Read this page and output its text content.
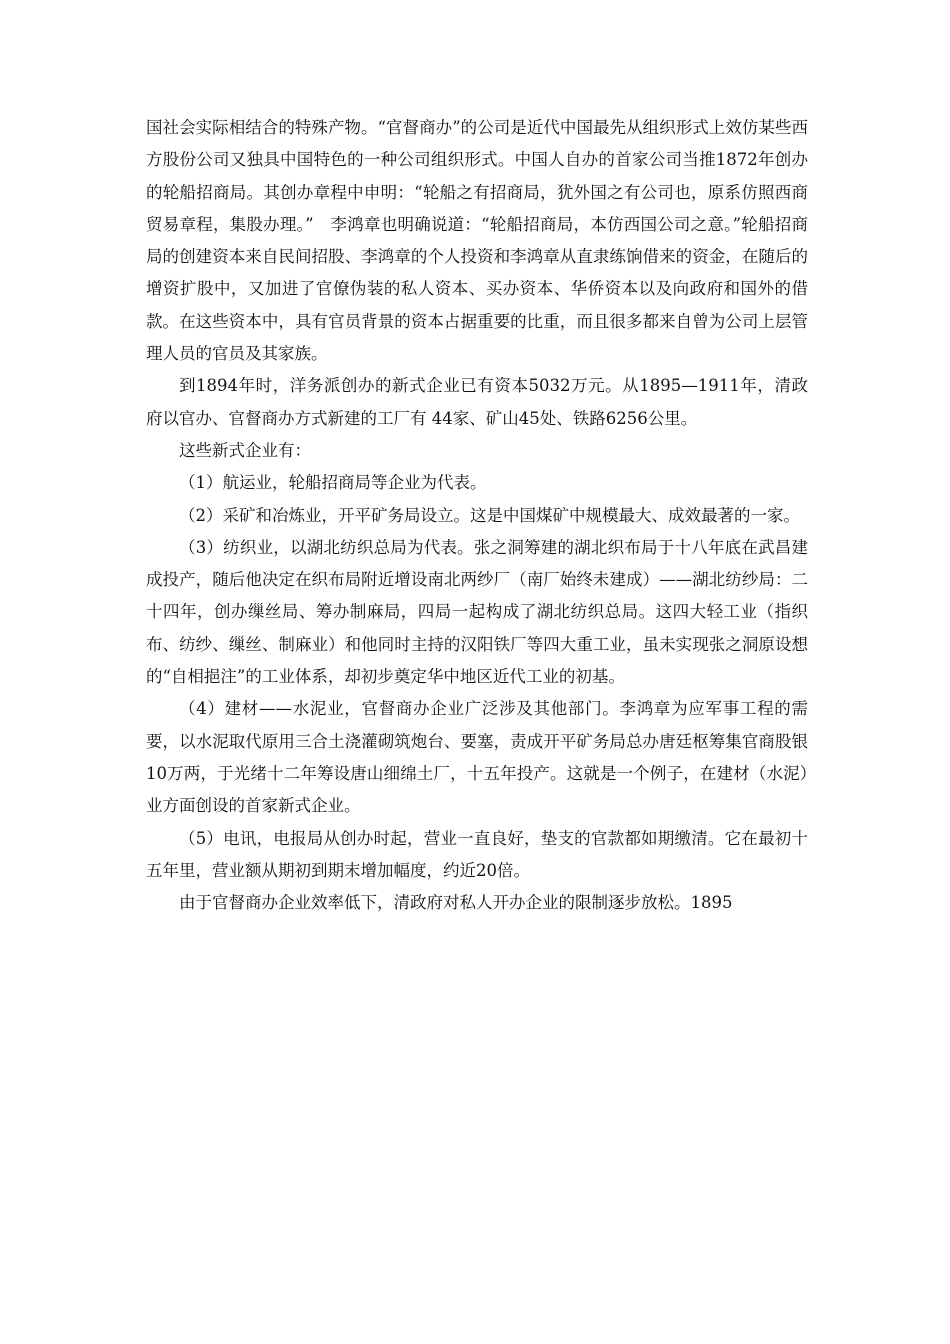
国社会实际相结合的特殊产物。“官督商办”的公司是近代中国最先从组织形式上效仿某些西方股份公司又独具中国特色的一种公司组织形式。中国人自办的首家公司当推1872年创办的轮船招商局。其创办章程中申明：“轮船之有招商局，犹外国之有公司也，原系仿照西商贸易章程，集股办理。”　李鸿章也明确说道：“轮船招商局，本仿西国公司之意。”轮船招商局的创建资本来自民间招股、李鸿章的个人投资和李鸿章从直隶练饷借来的资金，在随后的增资扩股中，又加进了官僚伪装的私人资本、买办资本、华侨资本以及向政府和国外的借款。在这些资本中，具有官员背景的资本占据重要的比重，而且很多都来自曾为公司上层管理人员的官员及其家族。

到1894年时，洋务派创办的新式企业已有资本5032万元。从1895—1911年，清政府以官办、官督商办方式新建的工厂有 44家、矿山45处、铁路6256公里。

这些新式企业有：

（1）航运业，轮船招商局等企业为代表。

（2）采矿和冶炼业，开平矿务局设立。这是中国煤矿中规模最大、成效最著的一家。

（3）纺织业，以湖北纺织总局为代表。张之洞筹建的湖北织布局于十八年底在武昌建成投产，随后他决定在织布局附近增设南北两纱厂（南厂始终未建成）——湖北纺纱局：二十四年，创办缫丝局、筹办制麻局，四局一起构成了湖北纺织总局。这四大轻工业（指织布、纺纱、缫丝、制麻业）和他同时主持的汉阳铁厂等四大重工业，虽未实现张之洞原设想的“自相挹注”的工业体系，却初步奠定华中地区近代工业的初基。

（4）建材——水泥业，官督商办企业广泛涉及其他部门。李鸿章为应军事工程的需要，以水泥取代原用三合土浇灌砌筑炮台、要塞，责成开平矿务局总办唐廷枢筹集官商股银10万两，于光绪十二年筹设唐山细绵土厂，十五年投产。这就是一个例子，在建材（水泥）业方面创设的首家新式企业。

（5）电讯，电报局从创办时起，营业一直良好，垫支的官款都如期缴清。它在最初十五年里，营业额从期初到期末增加幅度，约近20倍。

由于官督商办企业效率低下，清政府对私人开办企业的限制逐步放松。1895
